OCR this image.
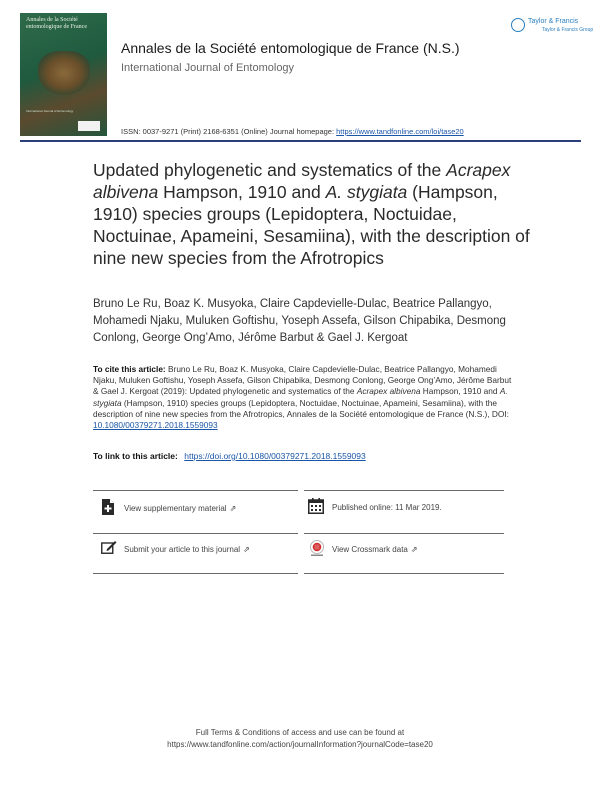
Annales de la Société entomologique de France
International Journal of Entomology
Annales de la Société entomologique de France (N.S.)
International Journal of Entomology
Taylor & Francis
Taylor & Francis Group
ISSN: 0037-9271 (Print) 2168-6351 (Online) Journal homepage: https://www.tandfonline.com/loi/tase20
Updated phylogenetic and systematics of the Acrapex albivena Hampson, 1910 and A. stygiata (Hampson, 1910) species groups (Lepidoptera, Noctuidae, Noctuinae, Apameini, Sesamiina), with the description of nine new species from the Afrotropics
Bruno Le Ru, Boaz K. Musyoka, Claire Capdevielle-Dulac, Beatrice Pallangyo, Mohamedi Njaku, Muluken Goftishu, Yoseph Assefa, Gilson Chipabika, Desmong Conlong, George Ong’Amo, Jérôme Barbut & Gael J. Kergoat
To cite this article: Bruno Le Ru, Boaz K. Musyoka, Claire Capdevielle-Dulac, Beatrice Pallangyo, Mohamedi Njaku, Muluken Goftishu, Yoseph Assefa, Gilson Chipabika, Desmong Conlong, George Ong’Amo, Jérôme Barbut & Gael J. Kergoat (2019): Updated phylogenetic and systematics of the Acrapex albivena Hampson, 1910 and A. stygiata (Hampson, 1910) species groups (Lepidoptera, Noctuidae, Noctuinae, Apameini, Sesamiina), with the description of nine new species from the Afrotropics, Annales de la Société entomologique de France (N.S.), DOI: 10.1080/00379271.2018.1559093
To link to this article: https://doi.org/10.1080/00379271.2018.1559093
View supplementary material ⇗	Published online: 11 Mar 2019.
Submit your article to this journal ⇗	View Crossmark data ⇗
Full Terms & Conditions of access and use can be found at
https://www.tandfonline.com/action/journalInformation?journalCode=tase20
